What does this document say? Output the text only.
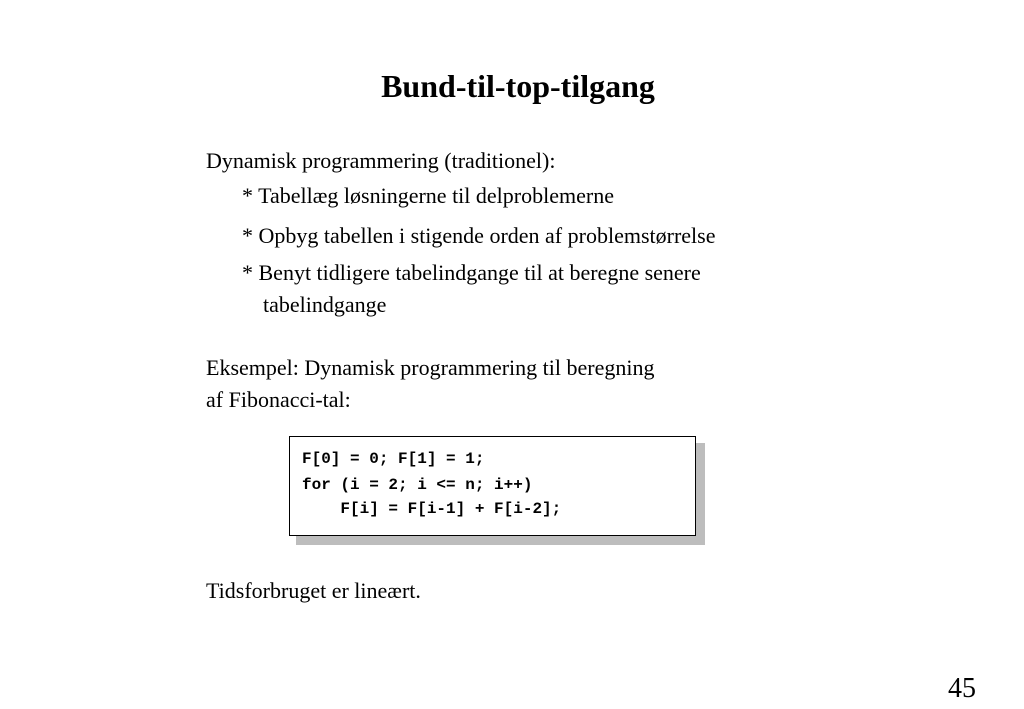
Bund-til-top-tilgang

Dynamisk programmering (traditionel):

* Tabellæg løsningerne til delproblemerne

* Opbyg tabellen i stigende orden af problemstørrelse

* Benyt tidligere tabelindgange til at beregne senere

tabelindgange

Eksempel: Dynamisk programmering til beregning

af Fibonacci-tal:

F[0] = 0; F[1] = 1;

for (i = 2; i <= n; i++)

F[i] = F[i-1] + F[i-2];

Tidsforbruget er lineært.

45
